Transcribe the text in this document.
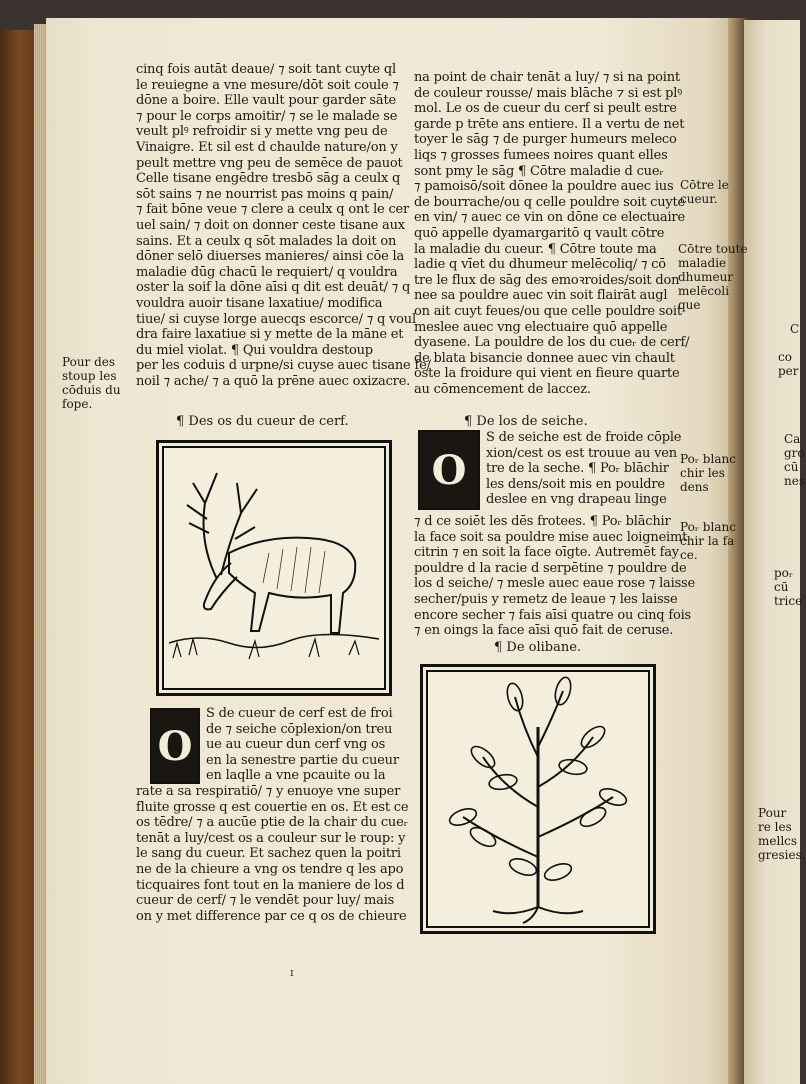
C

co

per

Ca

gro

cū

nes

poᵣ

cū

trice

Pour

re les

mellcs

gresies.

cinq fois autāt deaue/ ⁊ soit tant cuyte ql

le reuiegne a vne mesure/dōt soit coule ⁊

dōne a boire. Elle vault pour garder sāte

⁊ pour le corps amoitir/ ⁊ se le malade se

veult plꝰ refroidir si y mette vng peu de

Vinaigre. Et sil est d chaulde nature/on y

peult mettre vng peu de semēce de pauot

Celle tisane engēdre tresbō sāg a ceulx q

sōt sains ⁊ ne nourrist pas moins q pain/

⁊ fait bōne veue ⁊ clere a ceulx q ont le cer

uel sain/ ⁊ doit on donner ceste tisane aux

sains. Et a ceulx q sōt malades la doit on

dōner selō diuerses manieres/ ainsi cōe la

maladie dūg chacū le requiert/ q vouldra

oster la soif la dōne aīsi q dit est deuāt/ ⁊ q

vouldra auoir tisane laxatiue/ modifica

tiue/ si cuyse lorge auecqs escorce/ ⁊ q voul

dra faire laxatiue si y mette de la māne et

du miel violat. ¶ Qui vouldra destoup

per les coduis d urpne/si cuyse auec tisane fe/

noil ⁊ ache/ ⁊ a quō la prēne auec oxizacre.

Pour des

stoup les

cōduis du

fope.

¶ Des os du cueur de cerf.
O

S de cueur de cerf est de froi

de ⁊ seiche cōplexion/on treu

ue au cueur dun cerf vng os

en la senestre partie du cueur

en laqlle a vne pcauite ou la

rate a sa respiratiō/ ⁊ y enuoye vne super

fluite grosse q est couertie en os. Et est ce

os tēdre/ ⁊ a aucūe ptie de la chair du cueᵣ

tenāt a luy/cest os a couleur sur le roup: y

le sang du cueur. Et sachez quen la poitri

ne de la chieure a vng os tendre q les apo

ticquaires font tout en la maniere de los d

cueur de cerf/ ⁊ le vendēt pour luy/ mais

on y met difference par ce q os de chieure

na point de chair tenāt a luy/ ⁊ si na point

de couleur rousse/ mais blāche ⁊ si est plꝰ

mol. Le os de cueur du cerf si peult estre

garde p trēte ans entiere. Il a vertu de net

toyer le sāg ⁊ de purger humeurs meleco

liqs ⁊ grosses fumees noires quant elles

sont pmy le sāg ¶ Cōtre maladie d cueᵣ

⁊ pamoisō/soit dōnee la pouldre auec ius

de bourrache/ou q celle pouldre soit cuyte

en vin/ ⁊ auec ce vin on dōne ce electuaire

quō appelle dyamargaritō q vault cōtre

la maladie du cueur. ¶ Cōtre toute ma

ladie q vīet du dhumeur melēcoliq/ ⁊ cō

tre le flux de sāg des emoꝛroides/soit don

nee sa pouldre auec vin soit flairāt augl

on ait cuyt feues/ou que celle pouldre soit

meslee auec vng electuaire quō appelle

dyasene. La pouldre de los du cueᵣ de cerf/

de blata bisancie donnee auec vin chault

oste la froidure qui vient en fieure quarte

au cōmencement de laccez.

Cōtre le

cueur.

Cōtre toute

maladie

dhumeur

melēcoli

que

¶ De los de seiche.
O

S de seiche est de froide cōple

xion/cest os est trouue au ven

tre de la seche. ¶ Poᵣ blāchir

les dens/soit mis en pouldre

deslee en vng drapeau linge

⁊ d ce soiēt les dēs frotees. ¶ Poᵣ blāchir

la face soit sa pouldre mise auec loigneimt

citrin ⁊ en soit la face oīgte. Autremēt fay

pouldre d la racie d serpētine ⁊ pouldre de

los d seiche/ ⁊ mesle auec eaue rose ⁊ laisse

secher/puis y remetz de leaue ⁊ les laisse

encore secher ⁊ fais aīsi quatre ou cinq fois

⁊ en oings la face aīsi quō fait de ceruse.

Poᵣ blanc

chir les

dens

Poᵣ blanc

chir la fa

ce.

¶ De olibane.
ɪ
